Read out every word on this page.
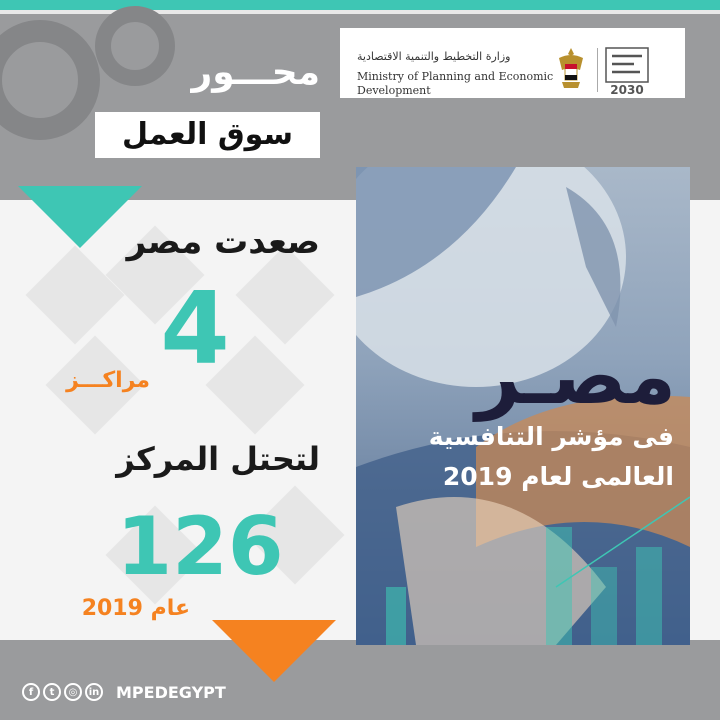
وزارة التخطيط والتنمية الاقتصادية
Ministry of Planning and Economic Development	2030
محـــور
سوق العمل
صعدت مصر
4
مراكـــز
لتحتل المركز
126
عام 2019
مصـر
فى مؤشر التنافسية
العالمى لعام 2019
f	t	◎	in MPEDEGYPT
